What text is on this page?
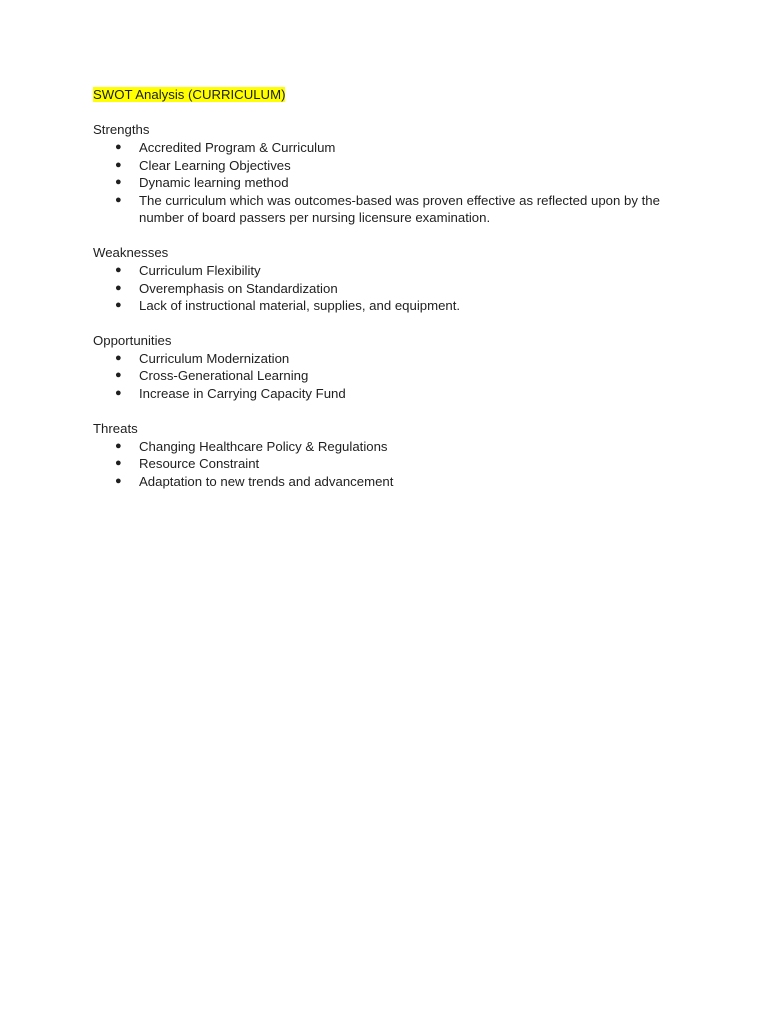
SWOT Analysis (CURRICULUM)
Strengths
● Accredited Program & Curriculum
● Clear Learning Objectives
● Dynamic learning method
● The curriculum which was outcomes-based was proven effective as reflected upon by the number of board passers per nursing licensure examination.
Weaknesses
● Curriculum Flexibility
● Overemphasis on Standardization
● Lack of instructional material, supplies, and equipment.
Opportunities
● Curriculum Modernization
● Cross-Generational Learning
● Increase in Carrying Capacity Fund
Threats
● Changing Healthcare Policy & Regulations
● Resource Constraint
● Adaptation to new trends and advancement
